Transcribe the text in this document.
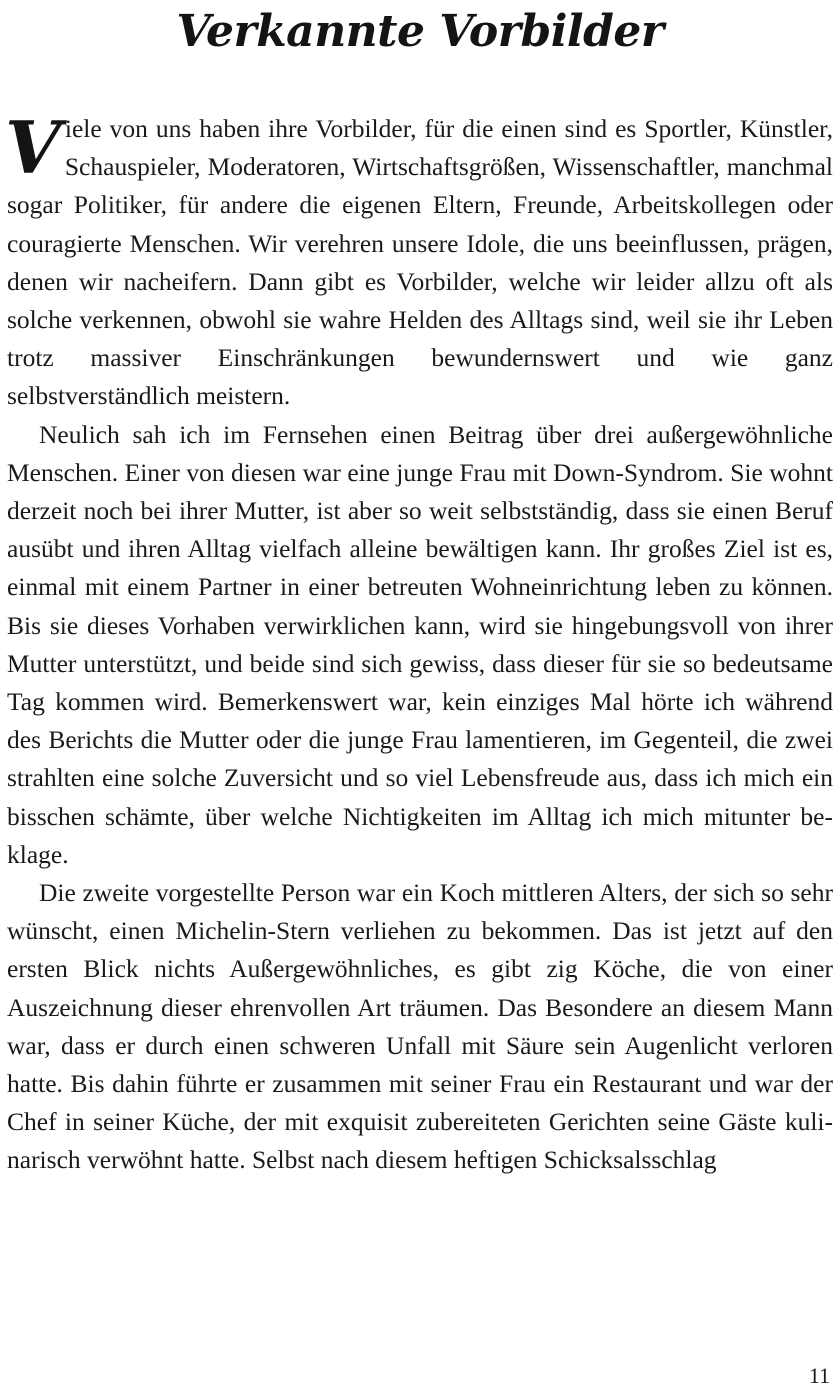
Verkannte Vorbilder

Viele von uns haben ihre Vorbilder, für die einen sind es Sportler, Künstler, Schauspieler, Moderatoren, Wirtschaftsgrößen, Wissenschaftler, manchmal sogar Politiker, für andere die eigenen Eltern, Freunde, Arbeitskollegen oder couragierte Menschen. Wir verehren unsere Idole, die uns beeinflussen, prägen, denen wir nacheifern. Dann gibt es Vorbilder, welche wir leider allzu oft als solche verkennen, obwohl sie wahre Helden des Alltags sind, weil sie ihr Leben trotz massiver Einschränkungen bewundernswert und wie ganz selbstverständlich meistern.

Neulich sah ich im Fernsehen einen Beitrag über drei außergewöhnliche Menschen. Einer von diesen war eine junge Frau mit Down-Syndrom. Sie wohnt derzeit noch bei ihrer Mutter, ist aber so weit selbstständig, dass sie einen Beruf ausübt und ihren Alltag vielfach alleine bewältigen kann. Ihr großes Ziel ist es, einmal mit einem Partner in einer betreuten Wohneinrichtung leben zu können. Bis sie dieses Vorhaben verwirklichen kann, wird sie hingebungsvoll von ihrer Mutter unterstützt, und beide sind sich gewiss, dass dieser für sie so bedeutsame Tag kommen wird. Bemerkenswert war, kein einziges Mal hörte ich während des Berichts die Mutter oder die junge Frau lamentieren, im Gegenteil, die zwei strahlten eine solche Zuversicht und so viel Lebensfreude aus, dass ich mich ein bisschen schämte, über welche Nichtigkeiten im Alltag ich mich mitunter beklage.

Die zweite vorgestellte Person war ein Koch mittleren Alters, der sich so sehr wünscht, einen Michelin-Stern verliehen zu bekommen. Das ist jetzt auf den ersten Blick nichts Außergewöhnliches, es gibt zig Köche, die von einer Auszeichnung dieser ehrenvollen Art träumen. Das Besondere an diesem Mann war, dass er durch einen schweren Unfall mit Säure sein Augenlicht verloren hatte. Bis dahin führte er zusammen mit seiner Frau ein Restaurant und war der Chef in seiner Küche, der mit exquisit zubereiteten Gerichten seine Gäste kulinarisch verwöhnt hatte. Selbst nach diesem heftigen Schicksalsschlag

11
